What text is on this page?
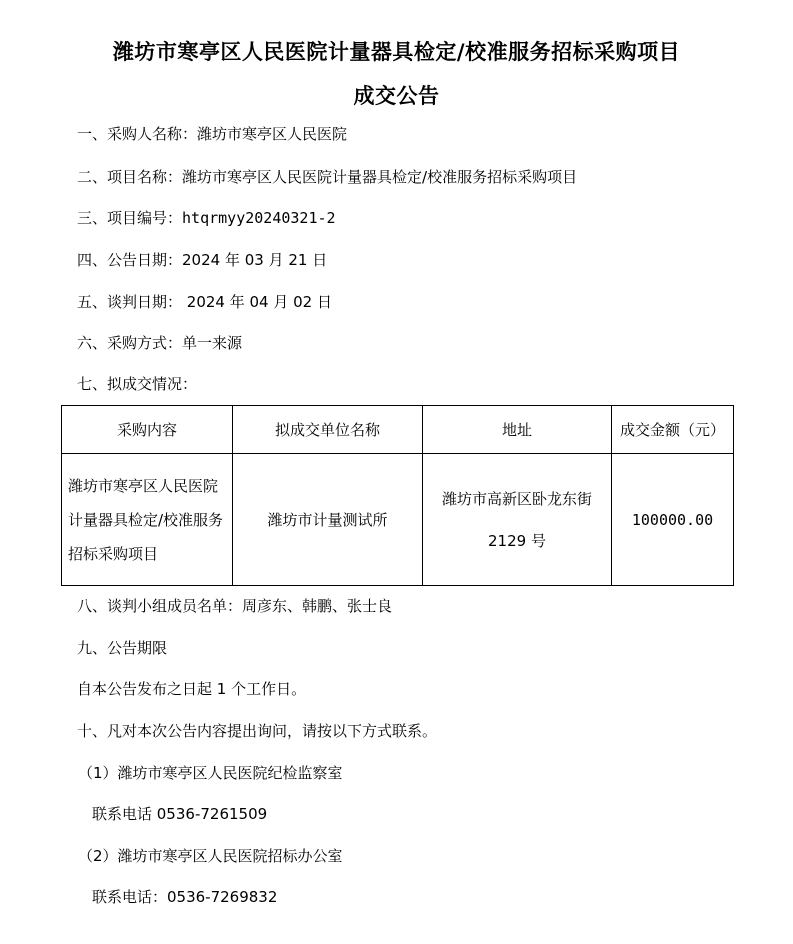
潍坊市寒亭区人民医院计量器具检定/校准服务招标采购项目
成交公告
一、采购人名称：潍坊市寒亭区人民医院
二、项目名称：潍坊市寒亭区人民医院计量器具检定/校准服务招标采购项目
三、项目编号：htqrmyy20240321-2
四、公告日期：2024 年 03 月 21 日
五、谈判日期： 2024 年 04 月 02 日
六、采购方式：单一来源
七、拟成交情况：
采购内容	拟成交单位名称	地址	成交金额（元）

潍坊市寒亭区人民医院计量器具检定/校准服务招标采购项目	潍坊市计量测试所	潍坊市高新区卧龙东街 2129 号	100000.00
八、谈判小组成员名单：周彦东、韩鹏、张士良
九、公告期限
自本公告发布之日起 1 个工作日。
十、凡对本次公告内容提出询问，请按以下方式联系。
（1）潍坊市寒亭区人民医院纪检监察室
联系电话 0536-7261509
（2）潍坊市寒亭区人民医院招标办公室
联系电话：0536-7269832
